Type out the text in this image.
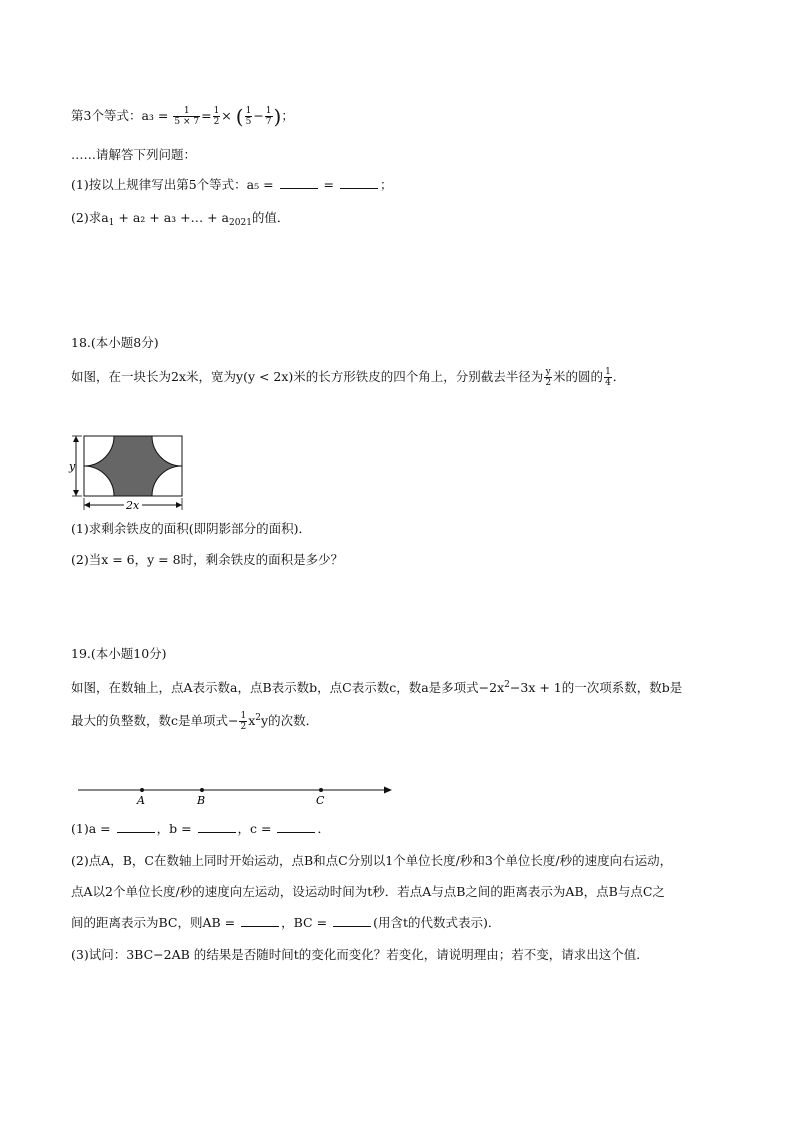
第3个等式：$a_3 = \frac{1}{5 \times 7} = \frac{1}{2}$ × ( $\frac{1}{5} - \frac{1}{7}$ )；
……请解答下列问题：
(1)按以上规律写出第5个等式：a₅ =	=	；
(2)求$a_1 + a_2 + a_3$ +… + $a_{2021}$的值．
18.(本小题8分)
如图，在一块长为2x米，宽为y(y < 2x)米的长方形铁皮的四个角上，分别截去半径为 $\frac{y}{2}$ 米的圆的 $\frac{1}{4}$ ．
y
2x
(1)求剩余铁皮的面积(即阴影部分的面积)．
(2)当x = 6，y = 8时，剩余铁皮的面积是多少？
19.(本小题10分)
如图，在数轴上，点A表示数a，点B表示数b，点C表示数c，数a是多项式$-2x^2-3x + 1$的一次项系数，数b是
最大的负整数，数c是单项式− $\frac{1}{2} x^2y$的次数．
A	B	C
(1)a =	，b =	，c =	．
(2)点A，B，C在数轴上同时开始运动，点B和点C分别以1个单位长度/秒和3个单位长度/秒的速度向右运动，
点A以2个单位长度/秒的速度向左运动，设运动时间为t秒．若点A与点B之间的距离表示为AB，点B与点C之
间的距离表示为BC，则AB =	，BC =	(用含t的代数式表示)．
(3)试问：3BC−2AB 的结果是否随时间t的变化而变化？若变化，请说明理由；若不变，请求出这个值．
